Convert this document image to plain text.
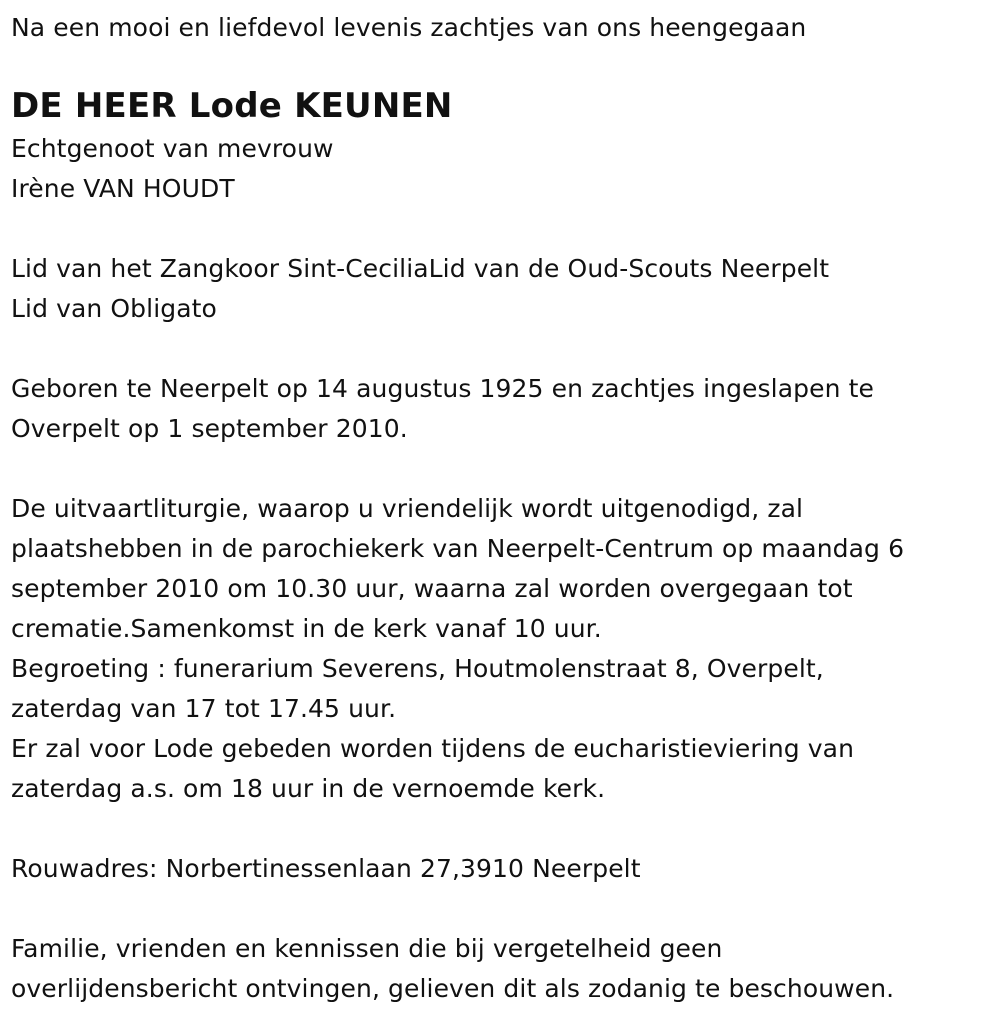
Na een mooi en liefdevol levenis zachtjes van ons heengegaan
DE HEER Lode KEUNEN
Echtgenoot van mevrouw
Irène VAN HOUDT
Lid van het Zangkoor Sint-CeciliaLid van de Oud-Scouts Neerpelt
Lid van Obligato
Geboren te Neerpelt op 14 augustus 1925 en zachtjes ingeslapen te
Overpelt op 1 september 2010.
De uitvaartliturgie, waarop u vriendelijk wordt uitgenodigd, zal
plaatshebben in de parochiekerk van Neerpelt-Centrum op maandag 6
september 2010 om 10.30 uur, waarna zal worden overgegaan tot
crematie.Samenkomst in de kerk vanaf 10 uur.
Begroeting : funerarium Severens, Houtmolenstraat 8, Overpelt,
zaterdag van 17 tot 17.45 uur.
Er zal voor Lode gebeden worden tijdens de eucharistieviering van
zaterdag a.s. om 18 uur in de vernoemde kerk.
Rouwadres: Norbertinessenlaan 27,3910 Neerpelt
Familie, vrienden en kennissen die bij vergetelheid geen
overlijdensbericht ontvingen, gelieven dit als zodanig te beschouwen.
